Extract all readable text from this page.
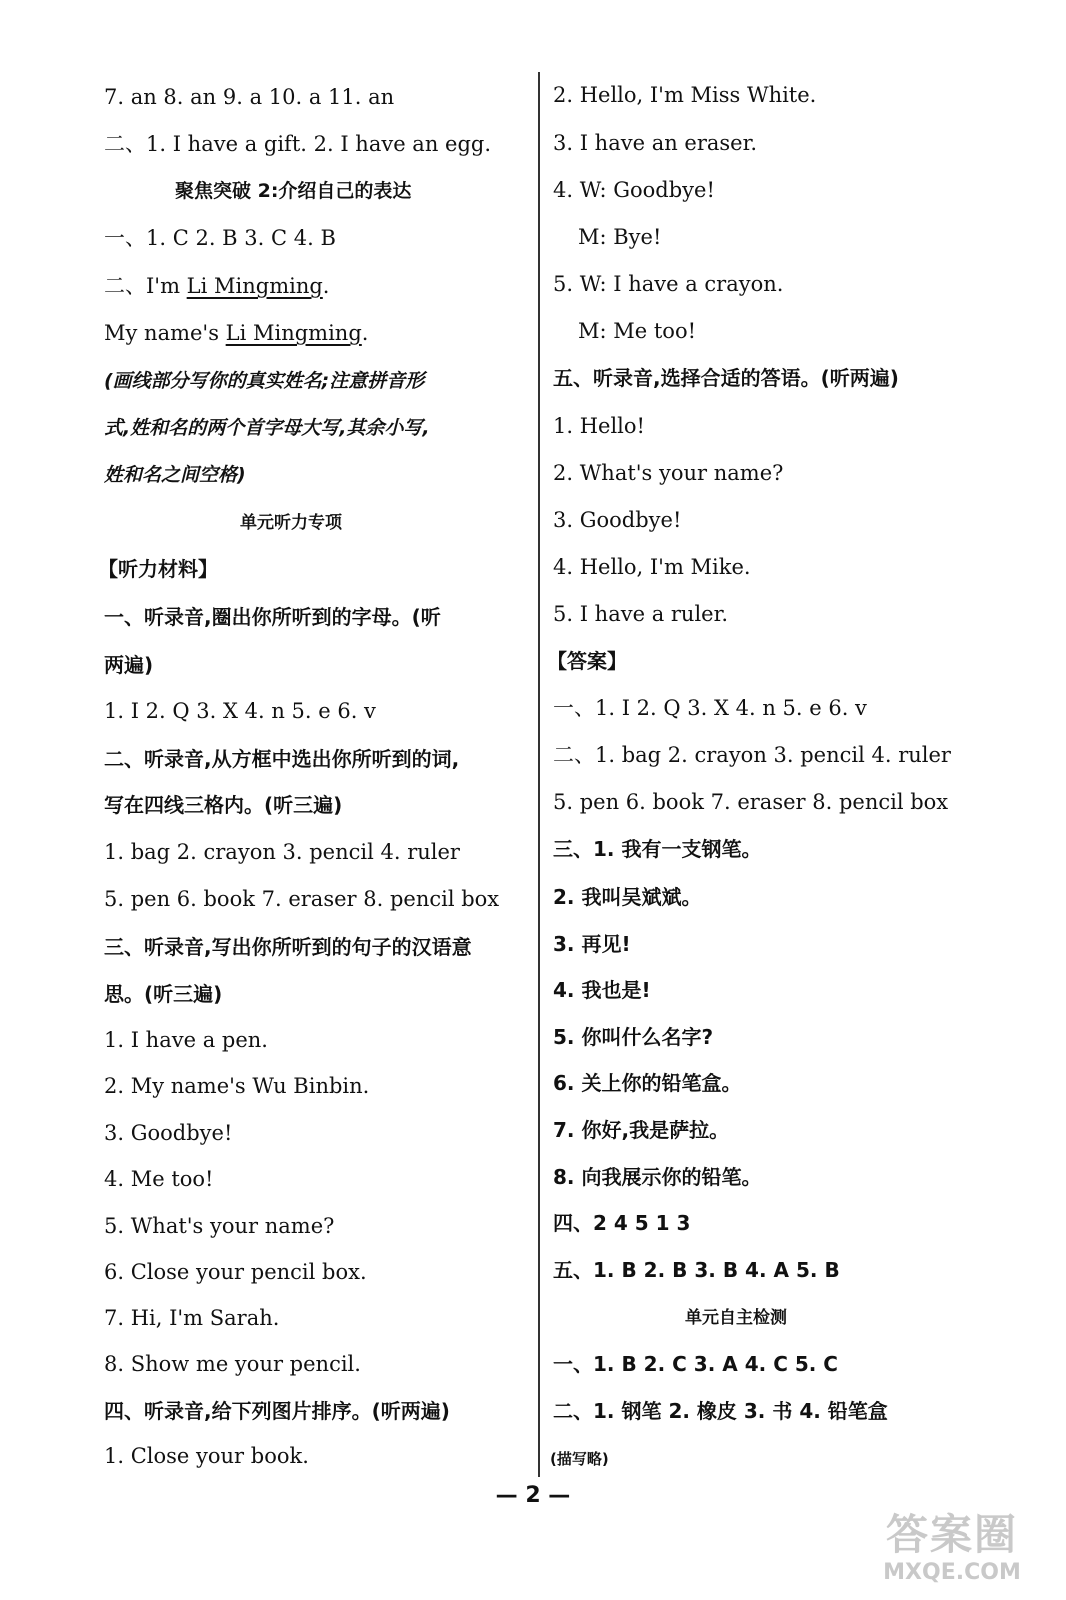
7. an 8. an 9. a 10. a 11. an
二、1. I have a gift. 2. I have an egg.
聚焦突破 2:介绍自己的表达
一、1. C 2. B 3. C 4. B
二、I'm Li Mingming.
My name's Li Mingming.
(画线部分写你的真实姓名;注意拼音形
式,姓和名的两个首字母大写,其余小写,
姓和名之间空格)
单元听力专项
【听力材料】
一、听录音,圈出你所听到的字母。(听
两遍)
1. I 2. Q 3. X 4. n 5. e 6. v
二、听录音,从方框中选出你所听到的词,
写在四线三格内。(听三遍)
1. bag 2. crayon 3. pencil 4. ruler
5. pen 6. book 7. eraser 8. pencil box
三、听录音,写出你所听到的句子的汉语意
思。(听三遍)
1. I have a pen.
2. My name's Wu Binbin.
3. Goodbye!
4. Me too!
5. What's your name?
6. Close your pencil box.
7. Hi, I'm Sarah.
8. Show me your pencil.
四、听录音,给下列图片排序。(听两遍)
1. Close your book.
2. Hello, I'm Miss White.
3. I have an eraser.
4. W: Goodbye!
M: Bye!
5. W: I have a crayon.
M: Me too!
五、听录音,选择合适的答语。(听两遍)
1. Hello!
2. What's your name?
3. Goodbye!
4. Hello, I'm Mike.
5. I have a ruler.
【答案】
一、1. I 2. Q 3. X 4. n 5. e 6. v
二、1. bag 2. crayon 3. pencil 4. ruler
5. pen 6. book 7. eraser 8. pencil box
三、1. 我有一支钢笔。
2. 我叫吴斌斌。
3. 再见!
4. 我也是!
5. 你叫什么名字?
6. 关上你的铅笔盒。
7. 你好,我是萨拉。
8. 向我展示你的铅笔。
四、2 4 5 1 3
五、1. B 2. B 3. B 4. A 5. B
单元自主检测
一、1. B 2. C 3. A 4. C 5. C
二、1. 钢笔 2. 橡皮 3. 书 4. 铅笔盒
(描写略)
— 2 —
答案圈
MXQE.COM
